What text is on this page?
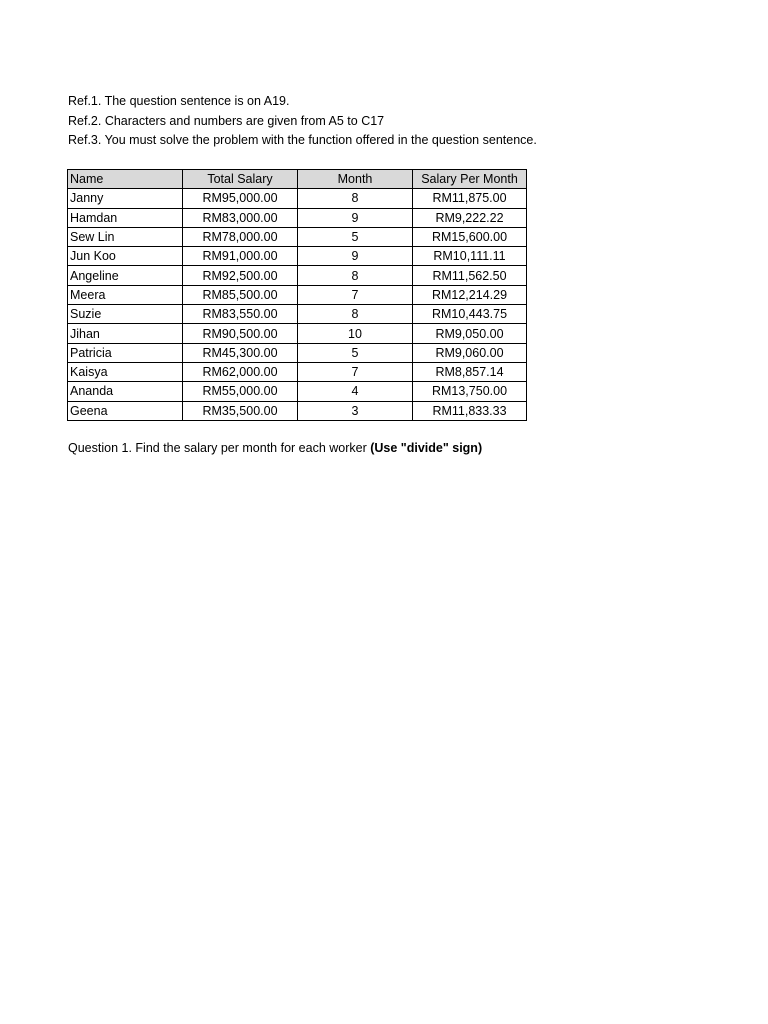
Ref.1. The question sentence is on A19.
Ref.2. Characters and numbers are given from A5 to C17
Ref.3. You must solve the problem with the function offered in the question sentence.
Name	Total Salary	Month	Salary Per Month
Janny	RM95,000.00	8	RM11,875.00
Hamdan	RM83,000.00	9	RM9,222.22
Sew Lin	RM78,000.00	5	RM15,600.00
Jun Koo	RM91,000.00	9	RM10,111.11
Angeline	RM92,500.00	8	RM11,562.50
Meera	RM85,500.00	7	RM12,214.29
Suzie	RM83,550.00	8	RM10,443.75
Jihan	RM90,500.00	10	RM9,050.00
Patricia	RM45,300.00	5	RM9,060.00
Kaisya	RM62,000.00	7	RM8,857.14
Ananda	RM55,000.00	4	RM13,750.00
Geena	RM35,500.00	3	RM11,833.33
Question 1. Find the salary per month for each worker (Use "divide" sign)
